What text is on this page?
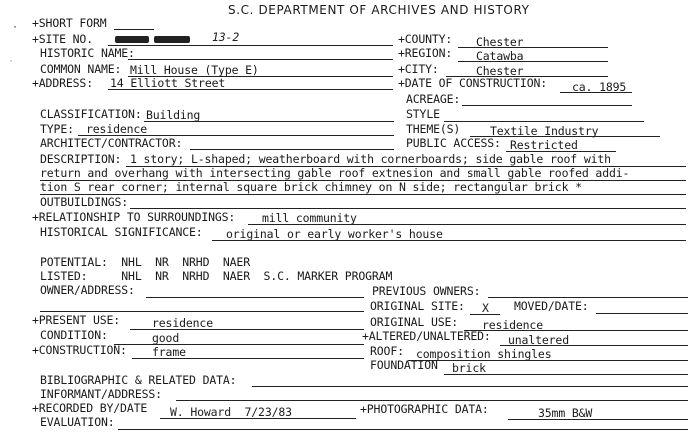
S.C. DEPARTMENT OF ARCHIVES AND HISTORY
·
˙
+SHORT FORM
+SITE NO.	13-2
HISTORIC NAME:
COMMON NAME: Mill House (Type E)
+ADDRESS: 14 Elliott Street
+COUNTY: Chester
+REGION: Catawba
+CITY:	Chester
+DATE OF CONSTRUCTION: ca. 1895
ACREAGE:
CLASSIFICATION: Building	STYLE
TYPE: residence	THEME(S)	Textile Industry
ARCHITECT/CONTRACTOR:	PUBLIC ACCESS: Restricted
DESCRIPTION: 1 story; L-shaped; weatherboard with cornerboards; side gable roof with
return and overhang with intersecting gable roof extnesion and small gable roofed addi-
tion S rear corner; internal square brick chimney on N side; rectangular brick *
OUTBUILDINGS:
+RELATIONSHIP TO SURROUNDINGS: mill community
HISTORICAL SIGNIFICANCE: original or early worker's house
POTENTIAL:  NHL  NR  NRHD  NAER
LISTED:     NHL  NR  NRHD  NAER  S.C. MARKER PROGRAM
OWNER/ADDRESS:	PREVIOUS OWNERS:
ORIGINAL SITE: X MOVED/DATE:
+PRESENT USE:	residence	ORIGINAL USE: residence
CONDITION:	good	+ALTERED/UNALTERED: unaltered
+CONSTRUCTION: frame	ROOF: composition shingles
FOUNDATION brick
BIBLIOGRAPHIC & RELATED DATA:
INFORMANT/ADDRESS:
+RECORDED BY/DATE W. Howard  7/23/83	+PHOTOGRAPHIC DATA:	35mm B&W
EVALUATION:
